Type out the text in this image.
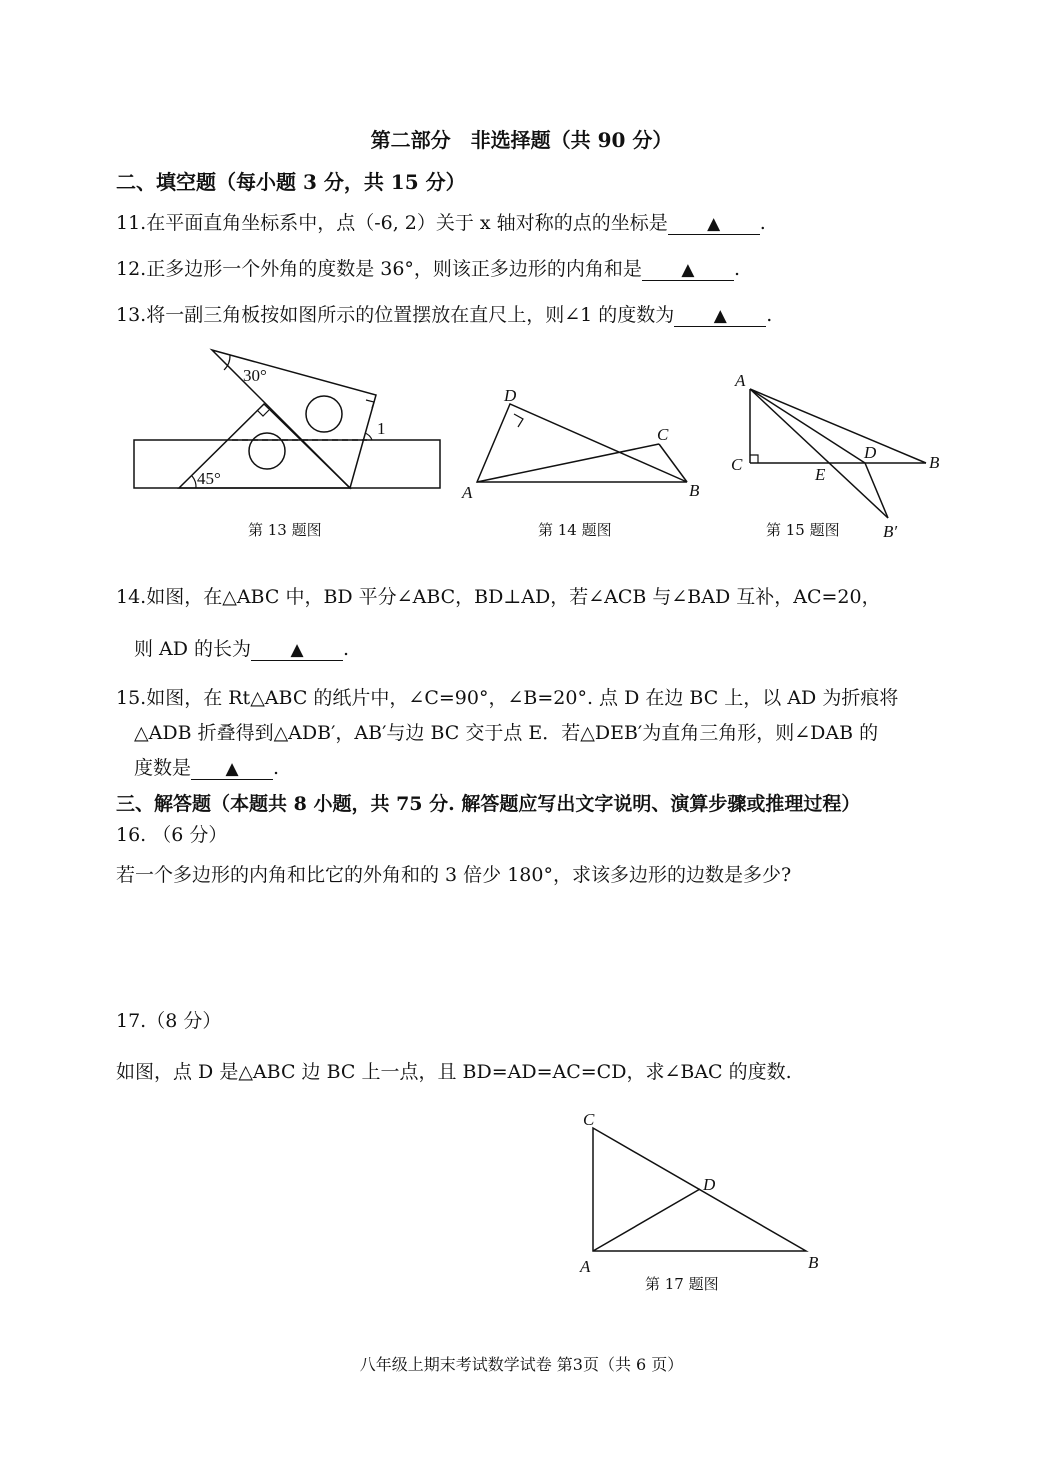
第二部分　非选择题（共 90 分）
二、填空题（每小题 3 分，共 15 分）
11.在平面直角坐标系中，点（-6, 2）关于 x 轴对称的点的坐标是 ▲ .
12.正多边形一个外角的度数是 36°，则该正多边形的内角和是 ▲ .
13.将一副三角板按如图所示的位置摆放在直尺上，则∠1 的度数为 ▲ .
30°
45°
1
第 13 题图
A	B
C
D
第 14 题图
A
C
D
E
B
B′
第 15 题图
14.如图，在△ABC 中，BD 平分∠ABC，BD⊥AD，若∠ACB 与∠BAD 互补，AC=20，
则 AD 的长为 ▲ .
15.如图，在 Rt△ABC 的纸片中，∠C=90°，∠B=20°. 点 D 在边 BC 上，以 AD 为折痕将
△ADB 折叠得到△ADB′，AB′与边 BC 交于点 E．若△DEB′为直角三角形，则∠DAB 的
度数是 ▲ .
三、解答题（本题共 8 小题，共 75 分. 解答题应写出文字说明、演算步骤或推理过程）
16. （6 分）
若一个多边形的内角和比它的外角和的 3 倍少 180°，求该多边形的边数是多少?
17.（8 分）
如图，点 D 是△ABC 边 BC 上一点，且 BD=AD=AC=CD，求∠BAC 的度数.
C
D
A	B
第 17 题图
八年级上期末考试数学试卷 第3页（共 6 页）
